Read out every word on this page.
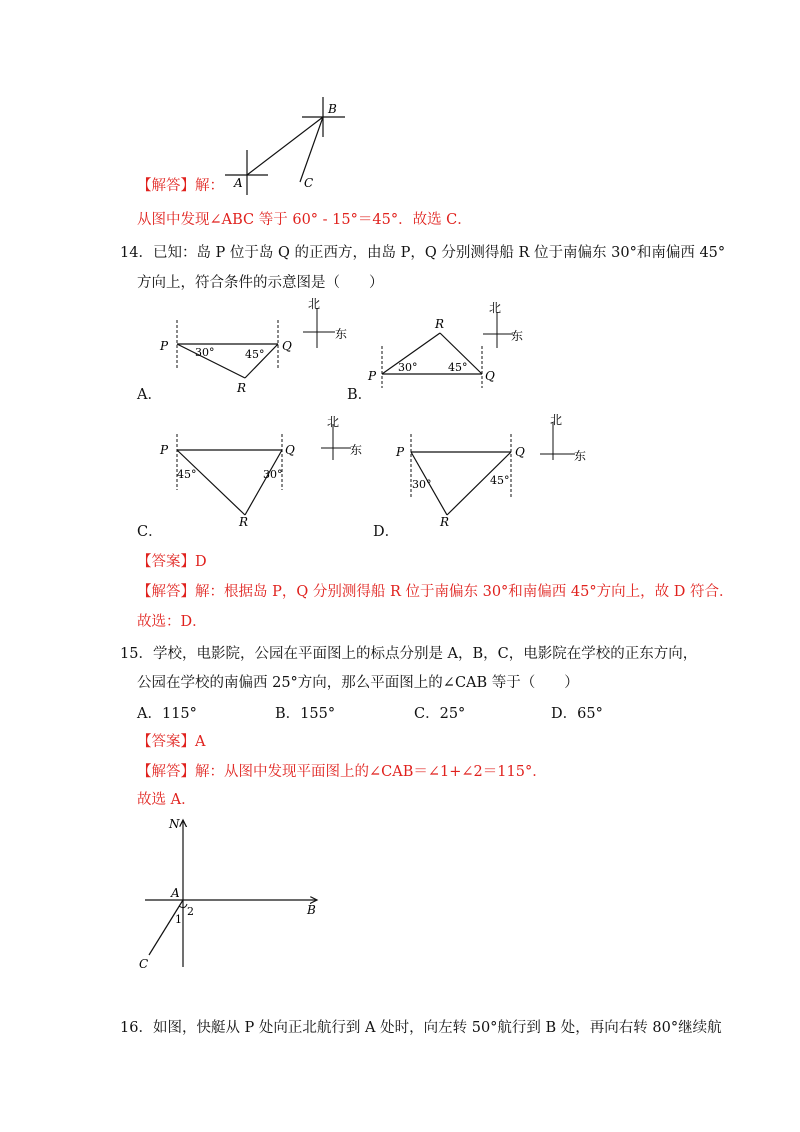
A
B
C
【解答】解：
从图中发现∠ABC 等于 60° - 15°＝45°．故选 C．
14．已知：岛 P 位于岛 Q 的正西方，由岛 P，Q 分别测得船 R 位于南偏东 30°和南偏西 45°
方向上，符合条件的示意图是（　　）
P	Q
R
30°	45°
北
东
A．
P	Q
R
30°	45°
北
东
B．
P	Q
R
45°	30°
北
东
C．
P	Q
R
30°	45°
北
东
D．
【答案】D
【解答】解：根据岛 P，Q 分别测得船 R 位于南偏东 30°和南偏西 45°方向上，故 D 符合．
故选：D．
15．学校，电影院，公园在平面图上的标点分别是 A，B，C，电影院在学校的正东方向，
公园在学校的南偏西 25°方向，那么平面图上的∠CAB 等于（　　）
A．115°	B．155°	C．25°	D．65°
【答案】A
【解答】解：从图中发现平面图上的∠CAB＝∠1+∠2＝115°．
故选 A．
N
A
B
C
1
2
16．如图，快艇从 P 处向正北航行到 A 处时，向左转 50°航行到 B 处，再向右转 80°继续航
